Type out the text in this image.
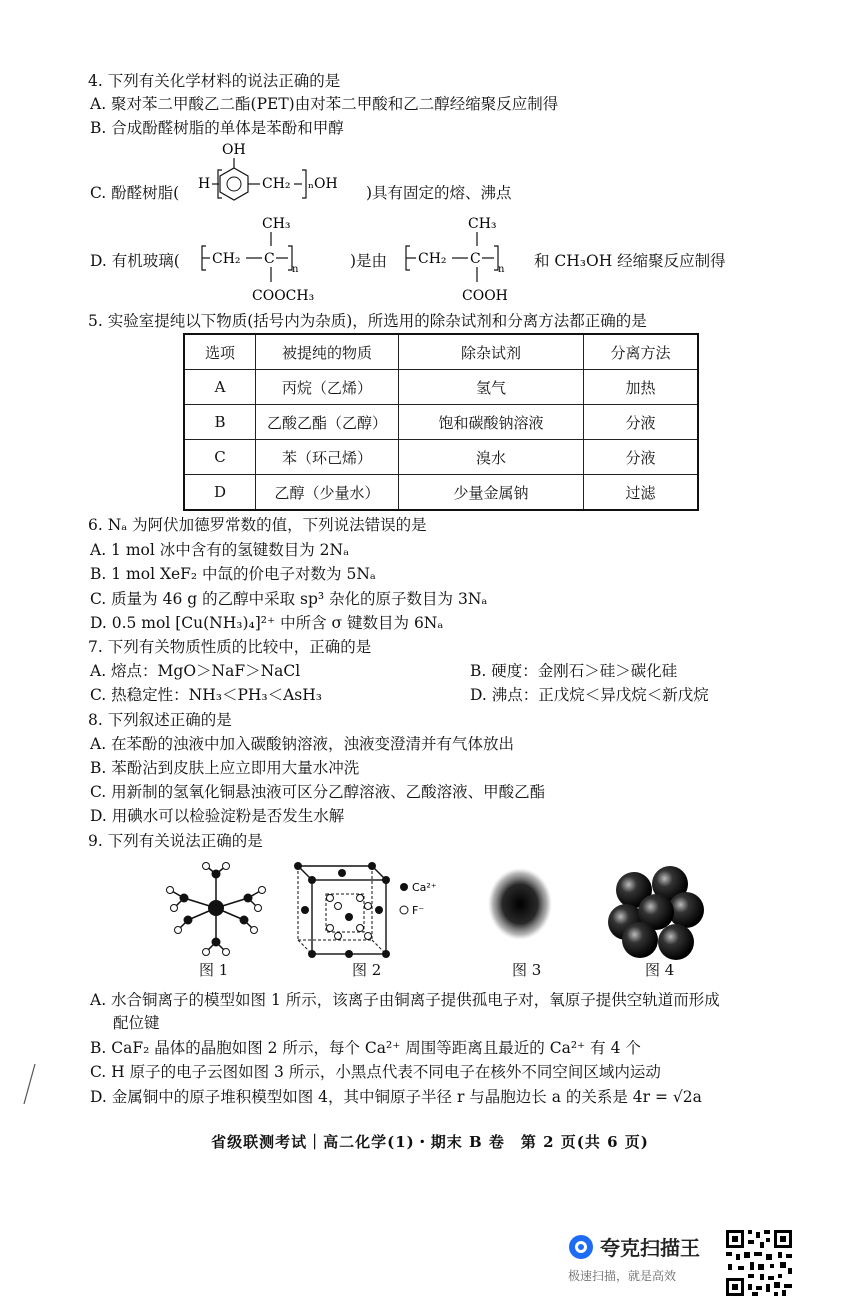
4. 下列有关化学材料的说法正确的是
A. 聚对苯二甲酸乙二酯(PET)由对苯二甲酸和乙二醇经缩聚反应制得
B. 合成酚醛树脂的单体是苯酚和甲醇
C. 酚醛树脂(
OH
H	CH₂ ₙOH )具有固定的熔、沸点
D. 有机玻璃(
CH₃
CH₂ C
n
COOCH₃
)是由
CH₃
CH₂ C
n
COOH
和 CH₃OH 经缩聚反应制得
5. 实验室提纯以下物质(括号内为杂质)，所选用的除杂试剂和分离方法都正确的是
选项	被提纯的物质	除杂试剂	分离方法
A	丙烷（乙烯）	氢气	加热
B	乙酸乙酯（乙醇）	饱和碳酸钠溶液	分液
C	苯（环己烯）	溴水	分液
D	乙醇（少量水）	少量金属钠	过滤
6. Nₐ 为阿伏加德罗常数的值，下列说法错误的是
A. 1 mol 冰中含有的氢键数目为 2Nₐ
B. 1 mol XeF₂ 中氙的价电子对数为 5Nₐ
C. 质量为 46 g 的乙醇中采取 sp³ 杂化的原子数目为 3Nₐ
D. 0.5 mol [Cu(NH₃)₄]²⁺ 中所含 σ 键数目为 6Nₐ
7. 下列有关物质性质的比较中，正确的是
A. 熔点：MgO＞NaF＞NaCl	B. 硬度：金刚石＞硅＞碳化硅
C. 热稳定性：NH₃＜PH₃＜AsH₃	D. 沸点：正戊烷＜异戊烷＜新戊烷
8. 下列叙述正确的是
A. 在苯酚的浊液中加入碳酸钠溶液，浊液变澄清并有气体放出
B. 苯酚沾到皮肤上应立即用大量水冲洗
C. 用新制的氢氧化铜悬浊液可区分乙醇溶液、乙酸溶液、甲酸乙酯
D. 用碘水可以检验淀粉是否发生水解
9. 下列有关说法正确的是
图 1
Ca²⁺
F⁻
图 2	图 3	图 4
A. 水合铜离子的模型如图 1 所示，该离子由铜离子提供孤电子对，氧原子提供空轨道而形成
配位键
B. CaF₂ 晶体的晶胞如图 2 所示，每个 Ca²⁺ 周围等距离且最近的 Ca²⁺ 有 4 个
C. H 原子的电子云图如图 3 所示，小黑点代表不同电子在核外不同空间区域内运动
D. 金属铜中的原子堆积模型如图 4，其中铜原子半径 r 与晶胞边长 a 的关系是 4r = √2a
省级联测考试｜高二化学(1)・期末 B 卷　第 2 页(共 6 页)
夸克扫描王
极速扫描，就是高效
